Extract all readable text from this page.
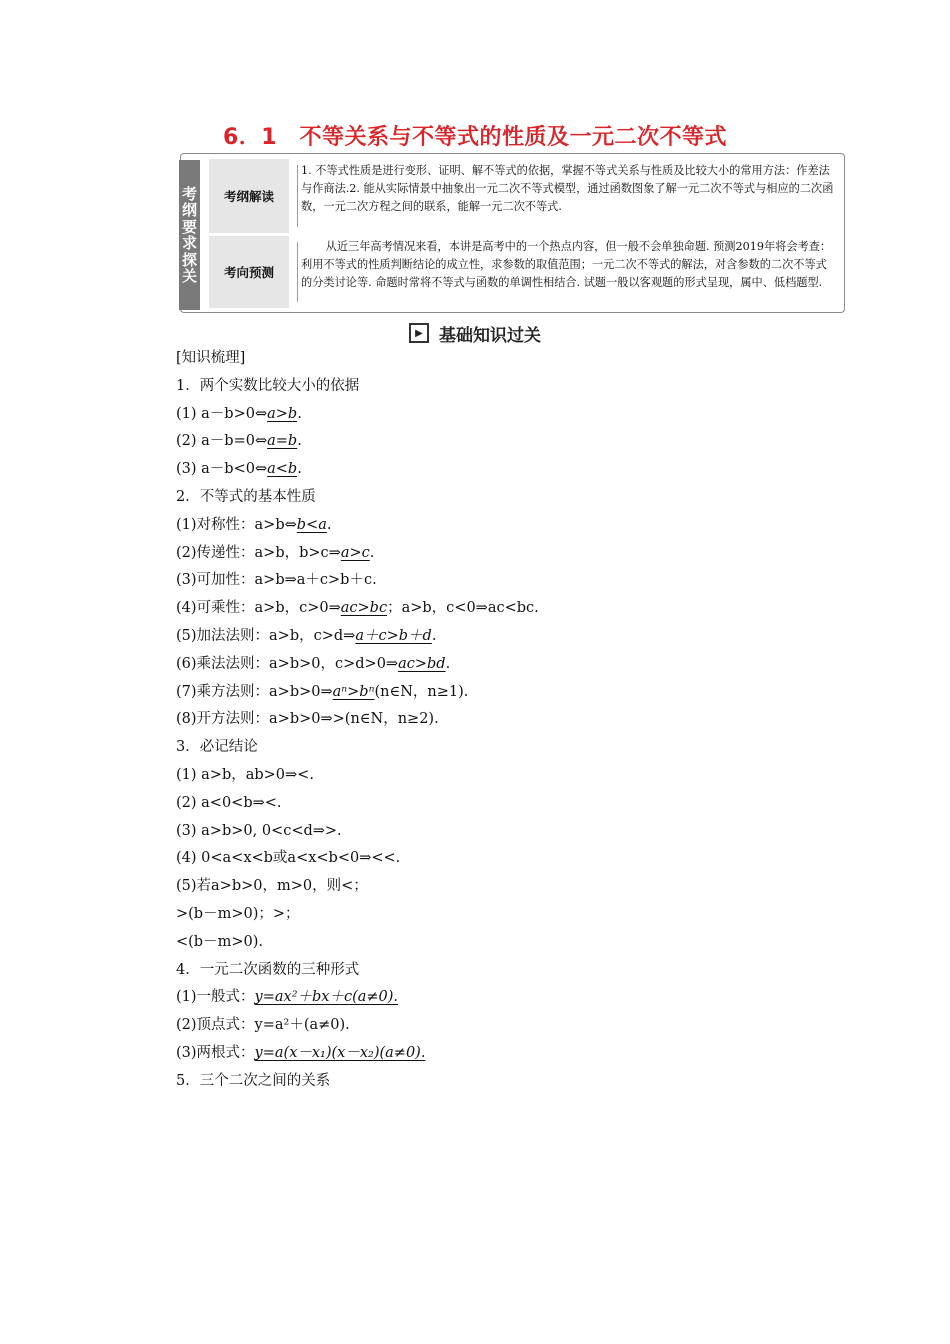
6．1　不等关系与不等式的性质及一元二次不等式
考
纲
要
求
探
关
考纲解读
1. 不等式性质是进行变形、证明、解不等式的依据，掌握不等式关系与性质及比较大小的常用方法：作差法与作商法.2. 能从实际情景中抽象出一元二次不等式模型，通过函数图象了解一元二次不等式与相应的二次函数，一元二次方程之间的联系，能解一元二次不等式.
考向预测
从近三年高考情况来看，本讲是高考中的一个热点内容，但一般不会单独命题. 预测2019年将会考查：利用不等式的性质判断结论的成立性，求参数的取值范围；一元二次不等式的解法，对含参数的二次不等式的分类讨论等. 命题时常将不等式与函数的单调性相结合. 试题一般以客观题的形式呈现，属中、低档题型.
▶ 基础知识过关
[知识梳理]
1．两个实数比较大小的依据
(1) a－b>0⇔a>b.
(2) a－b=0⇔a=b.
(3) a－b<0⇔a<b.
2．不等式的基本性质
(1)对称性：a>b⇔b<a.
(2)传递性：a>b，b>c⇒a>c.
(3)可加性：a>b⇒a＋c>b＋c.
(4)可乘性：a>b，c>0⇒ac>bc；a>b，c<0⇒ac<bc.
(5)加法法则：a>b，c>d⇒a＋c>b＋d.
(6)乘法法则：a>b>0，c>d>0⇒ac>bd.
(7)乘方法则：a>b>0⇒aⁿ>bⁿ(n∈N，n≥1).
(8)开方法则：a>b>0⇒>(n∈N，n≥2).
3．必记结论
(1) a>b，ab>0⇒<.
(2) a<0<b⇒<.
(3) a>b>0, 0<c<d⇒>.
(4) 0<a<x<b或a<x<b<0⇒<<.
(5)若a>b>0，m>0，则<；
>(b－m>0)；>；
<(b－m>0).
4．一元二次函数的三种形式
(1)一般式：y=ax²＋bx＋c(a≠0).
(2)顶点式：y=a²＋(a≠0).
(3)两根式：y=a(x－x₁)(x－x₂)(a≠0).
5．三个二次之间的关系
